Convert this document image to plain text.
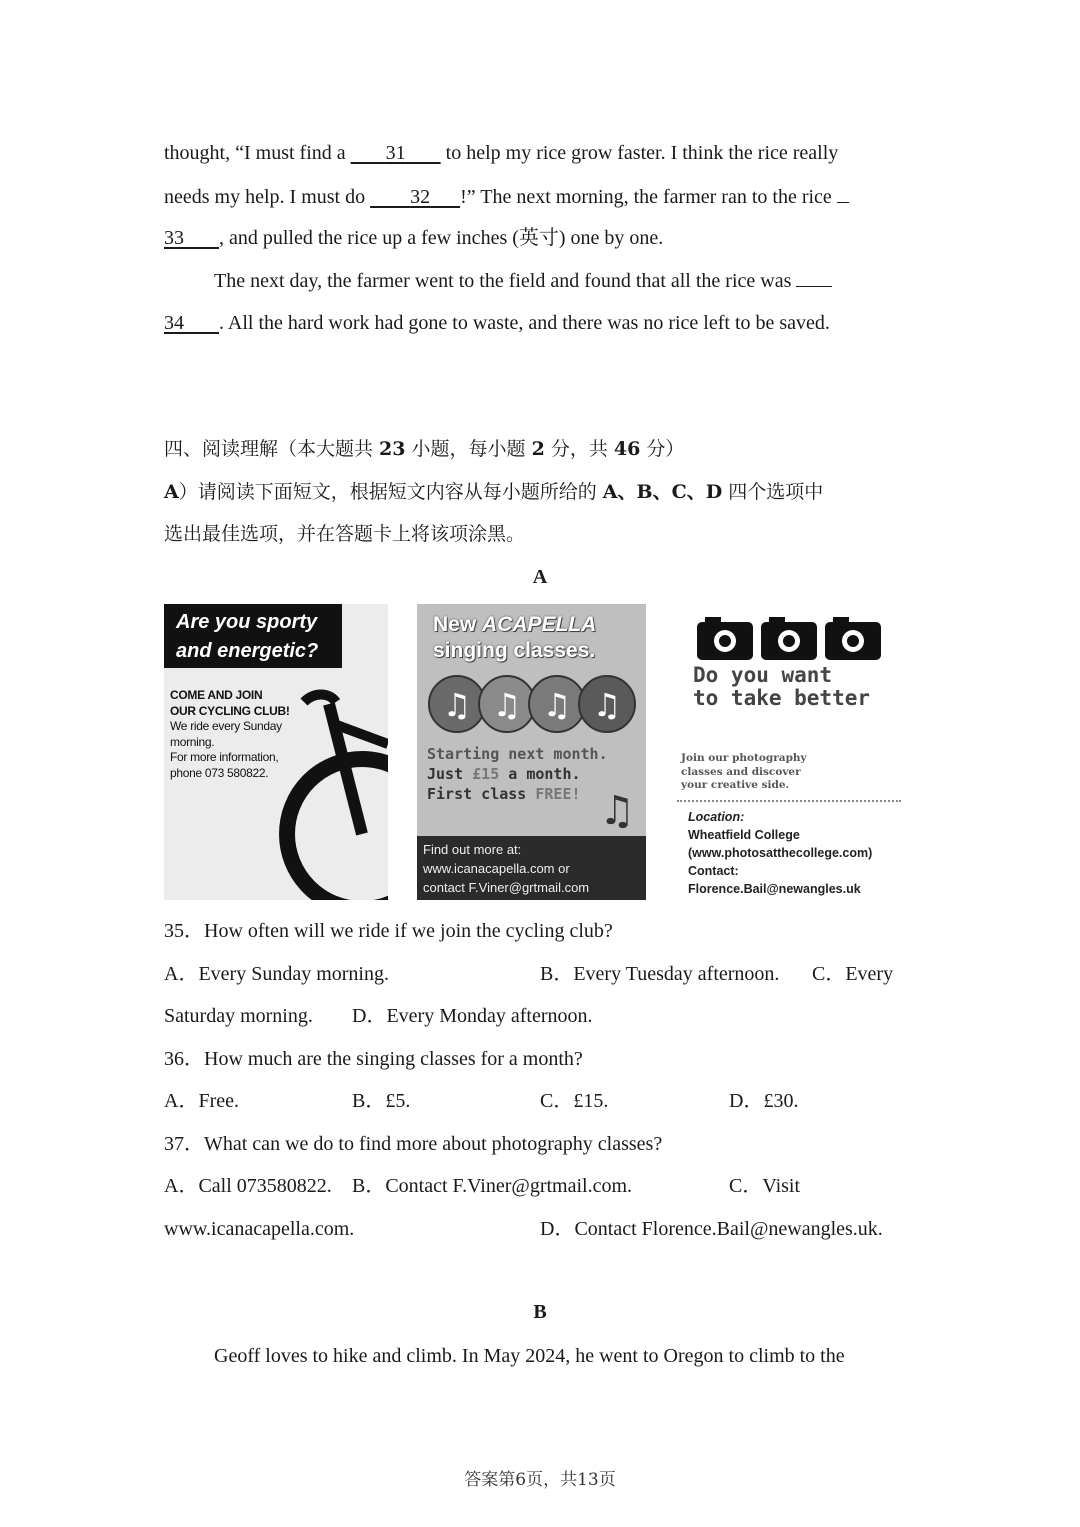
thought, “I must find a        31        to help my rice grow faster. I think the rice really
needs my help. I must do         32 !” The next morning, the farmer ran to the rice
33 , and pulled the rice up a few inches (英寸) one by one.
The next day, the farmer went to the field and found that all the rice was
34 . All the hard work had gone to waste, and there was no rice left to be saved.
四、阅读理解（本大题共 23 小题，每小题 2 分，共 46 分）
A）请阅读下面短文，根据短文内容从每小题所给的 A、B、C、D 四个选项中
选出最佳选项，并在答题卡上将该项涂黑。
A
Are you sporty
and energetic?
COME AND JOIN
OUR CYCLING CLUB!
We ride every Sunday
morning.
For more information,
phone 073 580822.
New ACAPELLA
singing classes.
♫ ♫ ♫ ♫
Starting next month.
Just £15 a month.
First class FREE! ♫
Find out more at:
www.icanacapella.com or
contact F.Viner@grtmail.com
Do you want
to take better
Join our photography
classes and discover
your creative side.
Location:
Wheatfield College
(www.photosatthecollege.com)
Contact:
Florence.Bail@newangles.uk
35．How often will we ride if we join the cycling club?
A．Every Sunday morning.	B．Every Tuesday afternoon. C．Every
Saturday morning. D．Every Monday afternoon.
36．How much are the singing classes for a month?
A．Free.	B．£5.	C．£15.	D．£30.
37．What can we do to find more about photography classes?
A．Call 073580822. B．Contact F.Viner@grtmail.com.	C．Visit
www.icanacapella.com.	D．Contact Florence.Bail@newangles.uk.
B
Geoff loves to hike and climb. In May 2024, he went to Oregon to climb to the
答案第6页，共13页
